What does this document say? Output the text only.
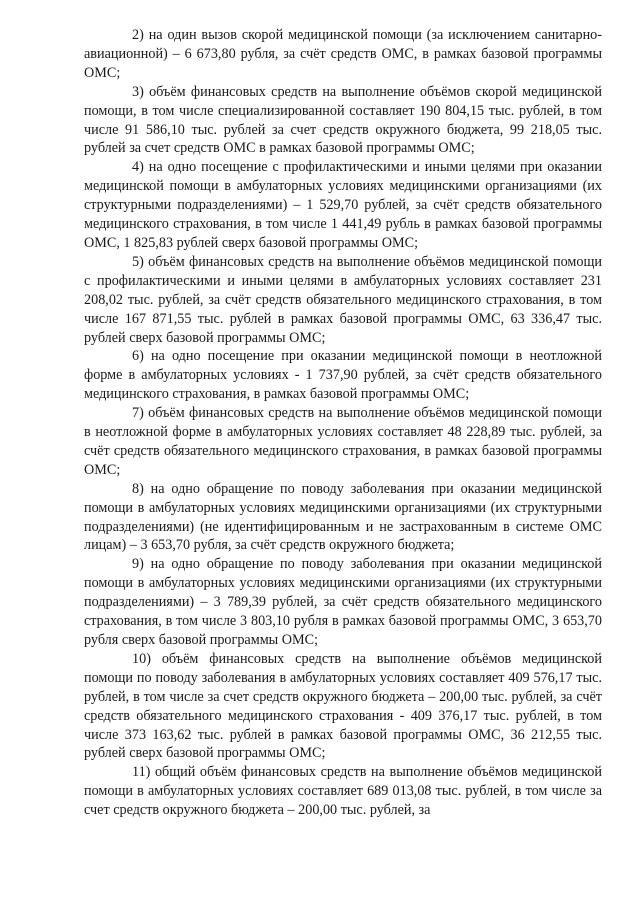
2) на один вызов скорой медицинской помощи (за исключением санитарно-авиационной) – 6 673,80 рубля, за счёт средств ОМС, в рамках базовой программы ОМС;

3) объём финансовых средств на выполнение объёмов скорой медицинской помощи, в том числе специализированной составляет 190 804,15 тыс. рублей, в том числе 91 586,10 тыс. рублей за счет средств окружного бюджета, 99 218,05 тыс. рублей за счет средств ОМС в рамках базовой программы ОМС;

4) на одно посещение с профилактическими и иными целями при оказании медицинской помощи в амбулаторных условиях медицинскими организациями (их структурными подразделениями) – 1 529,70 рублей, за счёт средств обязательного медицинского страхования, в том числе 1 441,49 рубль в рамках базовой программы ОМС, 1 825,83 рублей сверх базовой программы ОМС;

5) объём финансовых средств на выполнение объёмов медицинской помощи с профилактическими и иными целями в амбулаторных условиях составляет 231 208,02 тыс. рублей, за счёт средств обязательного медицинского страхования, в том числе 167 871,55 тыс. рублей в рамках базовой программы ОМС, 63 336,47 тыс. рублей сверх базовой программы ОМС;

6) на одно посещение при оказании медицинской помощи в неотложной форме в амбулаторных условиях - 1 737,90 рублей, за счёт средств обязательного медицинского страхования, в рамках базовой программы ОМС;

7) объём финансовых средств на выполнение объёмов медицинской помощи в неотложной форме в амбулаторных условиях составляет 48 228,89 тыс. рублей, за счёт средств обязательного медицинского страхования, в рамках базовой программы ОМС;

8) на одно обращение по поводу заболевания при оказании медицинской помощи в амбулаторных условиях медицинскими организациями (их структурными подразделениями) (не идентифицированным и не застрахованным в системе ОМС лицам) – 3 653,70 рубля, за счёт средств окружного бюджета;

9) на одно обращение по поводу заболевания при оказании медицинской помощи в амбулаторных условиях медицинскими организациями (их структурными подразделениями) – 3 789,39 рублей, за счёт средств обязательного медицинского страхования, в том числе 3 803,10 рубля в рамках базовой программы ОМС, 3 653,70 рубля сверх базовой программы ОМС;

10) объём финансовых средств на выполнение объёмов медицинской помощи по поводу заболевания в амбулаторных условиях составляет 409 576,17 тыс. рублей, в том числе за счет средств окружного бюджета – 200,00 тыс. рублей, за счёт средств обязательного медицинского страхования - 409 376,17 тыс. рублей, в том числе 373 163,62 тыс. рублей в рамках базовой программы ОМС, 36 212,55 тыс. рублей сверх базовой программы ОМС;

11) общий объём финансовых средств на выполнение объёмов медицинской помощи в амбулаторных условиях составляет 689 013,08 тыс. рублей, в том числе за счет средств окружного бюджета – 200,00 тыс. рублей, за
